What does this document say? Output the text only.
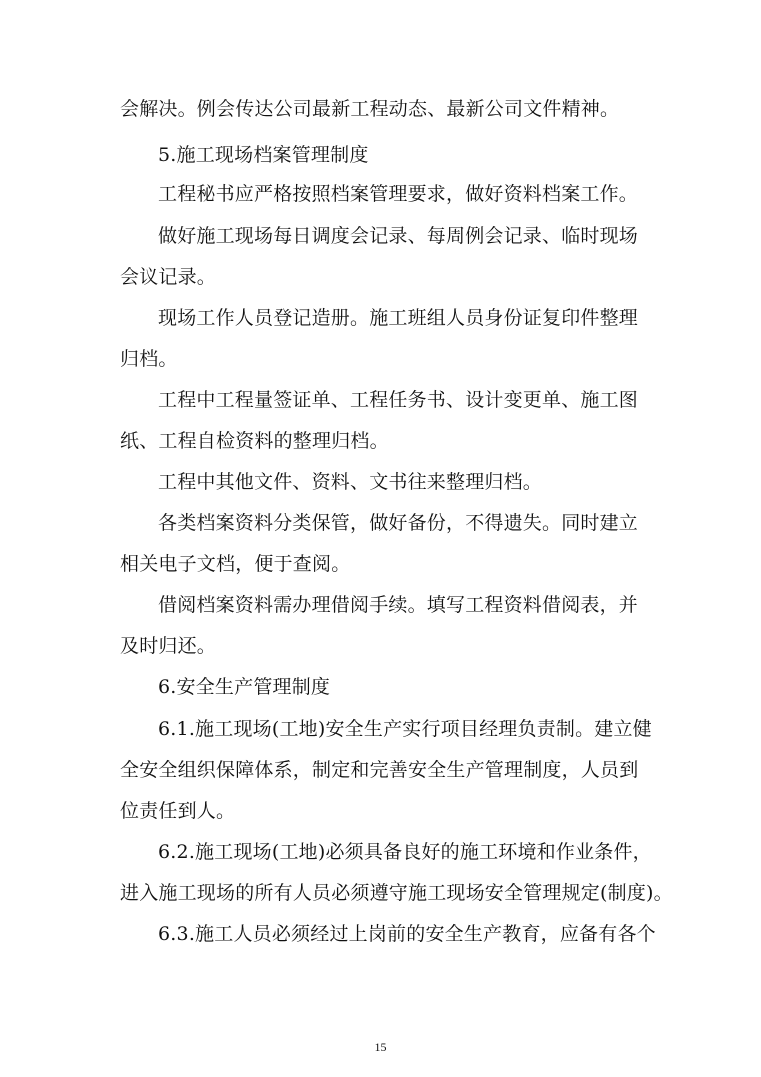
会解决。例会传达公司最新工程动态、最新公司文件精神。
5.施工现场档案管理制度
工程秘书应严格按照档案管理要求，做好资料档案工作。
做好施工现场每日调度会记录、每周例会记录、临时现场
会议记录。
现场工作人员登记造册。施工班组人员身份证复印件整理
归档。
工程中工程量签证单、工程任务书、设计变更单、施工图
纸、工程自检资料的整理归档。
工程中其他文件、资料、文书往来整理归档。
各类档案资料分类保管，做好备份，不得遗失。同时建立
相关电子文档，便于查阅。
借阅档案资料需办理借阅手续。填写工程资料借阅表，并
及时归还。
6.安全生产管理制度
6.1.施工现场(工地)安全生产实行项目经理负责制。建立健
全安全组织保障体系，制定和完善安全生产管理制度，人员到
位责任到人。
6.2.施工现场(工地)必须具备良好的施工环境和作业条件，
进入施工现场的所有人员必须遵守施工现场安全管理规定(制度)。
6.3.施工人员必须经过上岗前的安全生产教育，应备有各个
15
